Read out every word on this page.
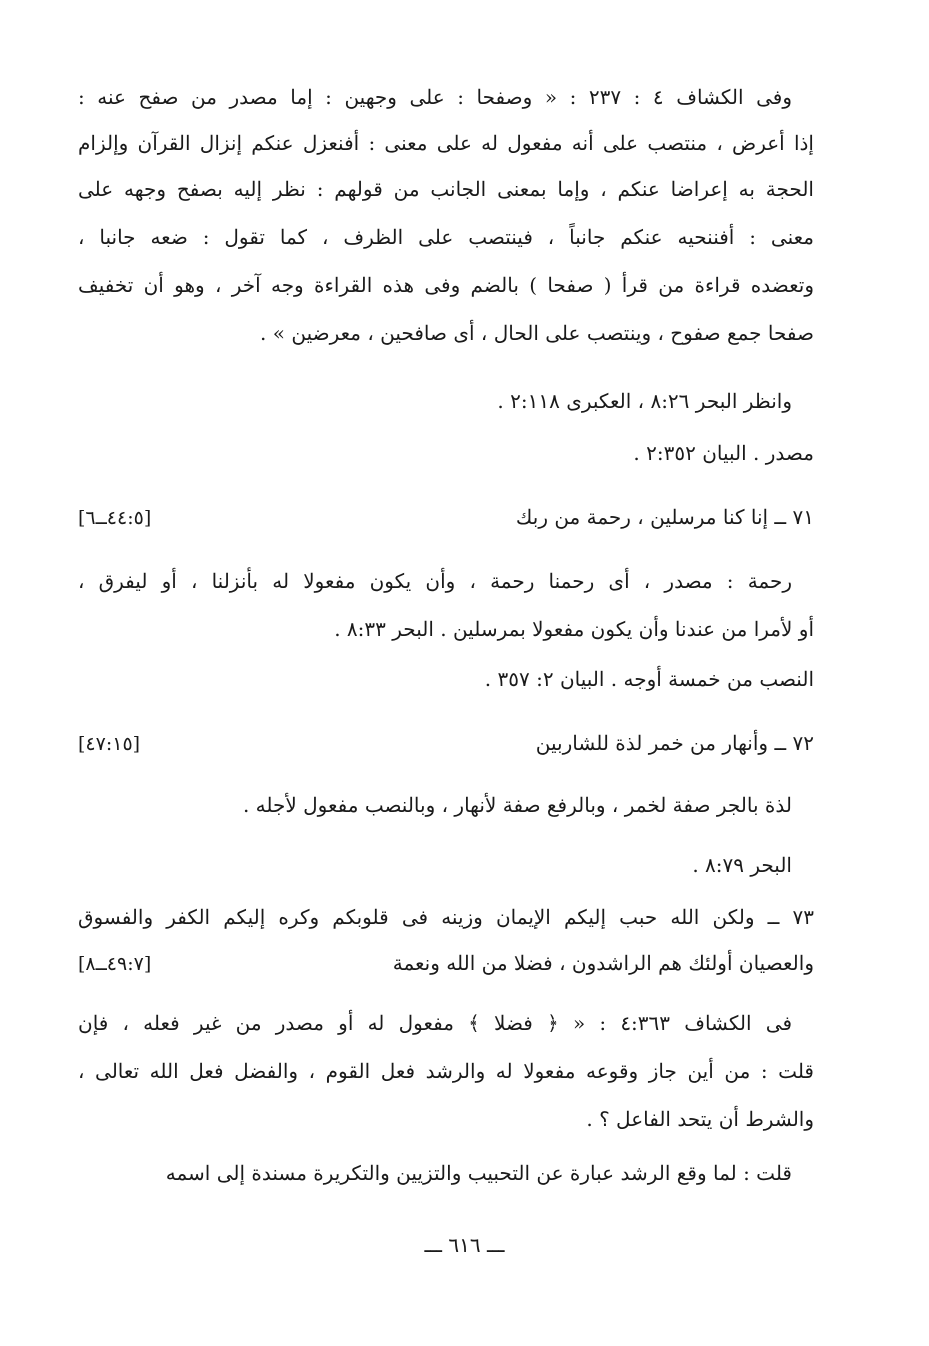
وفى الكشاف ٤ : ٢٣٧ : « وصفحا : على وجهين : إما مصدر من صفح عنه :
إذا أعرض ، منتصب على أنه مفعول له على معنى : أفنعزل عنكم إنزال القرآن وإلزام
الحجة به إعراضا عنكم ، وإما بمعنى الجانب من قولهم : نظر إليه بصفح وجهه على
معنى : أفننحيه عنكم جانباً ، فينتصب على الظرف ، كما تقول : ضعه جانبا ،
وتعضده قراءة من قرأ ( صفحا ) بالضم وفى هذه القراءة وجه آخر ، وهو أن تخفيف
صفحا جمع صفوح ، وينتصب على الحال ، أى صافحين ، معرضين » .
وانظر البحر ٨:٢٦ ، العكبرى ٢:١١٨ .
مصدر . البيان ٢:٣٥٢ .
٧١ ــ إنا كنا مرسلين ، رحمة من ربك
[٤٤:٥ــ٦]
رحمة : مصدر ، أى رحمنا رحمة ، وأن يكون مفعولا له بأنزلنا ، أو ليفرق ،
أو لأمرا من عندنا وأن يكون مفعولا بمرسلين . البحر ٨:٣٣ .
النصب من خمسة أوجه . البيان ٢: ٣٥٧ .
٧٢ ــ وأنهار من خمر لذة للشاربين
[٤٧:١٥]
لذة بالجر صفة لخمر ، وبالرفع صفة لأنهار ، وبالنصب مفعول لأجله .
البحر ٨:٧٩ .
٧٣ ــ ولكن الله حبب إليكم الإيمان وزينه فى قلوبكم وكره إليكم الكفر والفسوق
والعصيان أولئك هم الراشدون ، فضلا من الله ونعمة
[٤٩:٧ــ٨]
فى الكشاف ٤:٣٦٣ : « ﴿ فضلا ﴾ مفعول له أو مصدر من غير فعله ، فإن
قلت : من أين جاز وقوعه مفعولا له والرشد فعل القوم ، والفضل فعل الله تعالى ،
والشرط أن يتحد الفاعل ؟ .
قلت : لما وقع الرشد عبارة عن التحبيب والتزيين والتكريرة مسندة إلى اسمه
ـــ ٦١٦ ـــ
